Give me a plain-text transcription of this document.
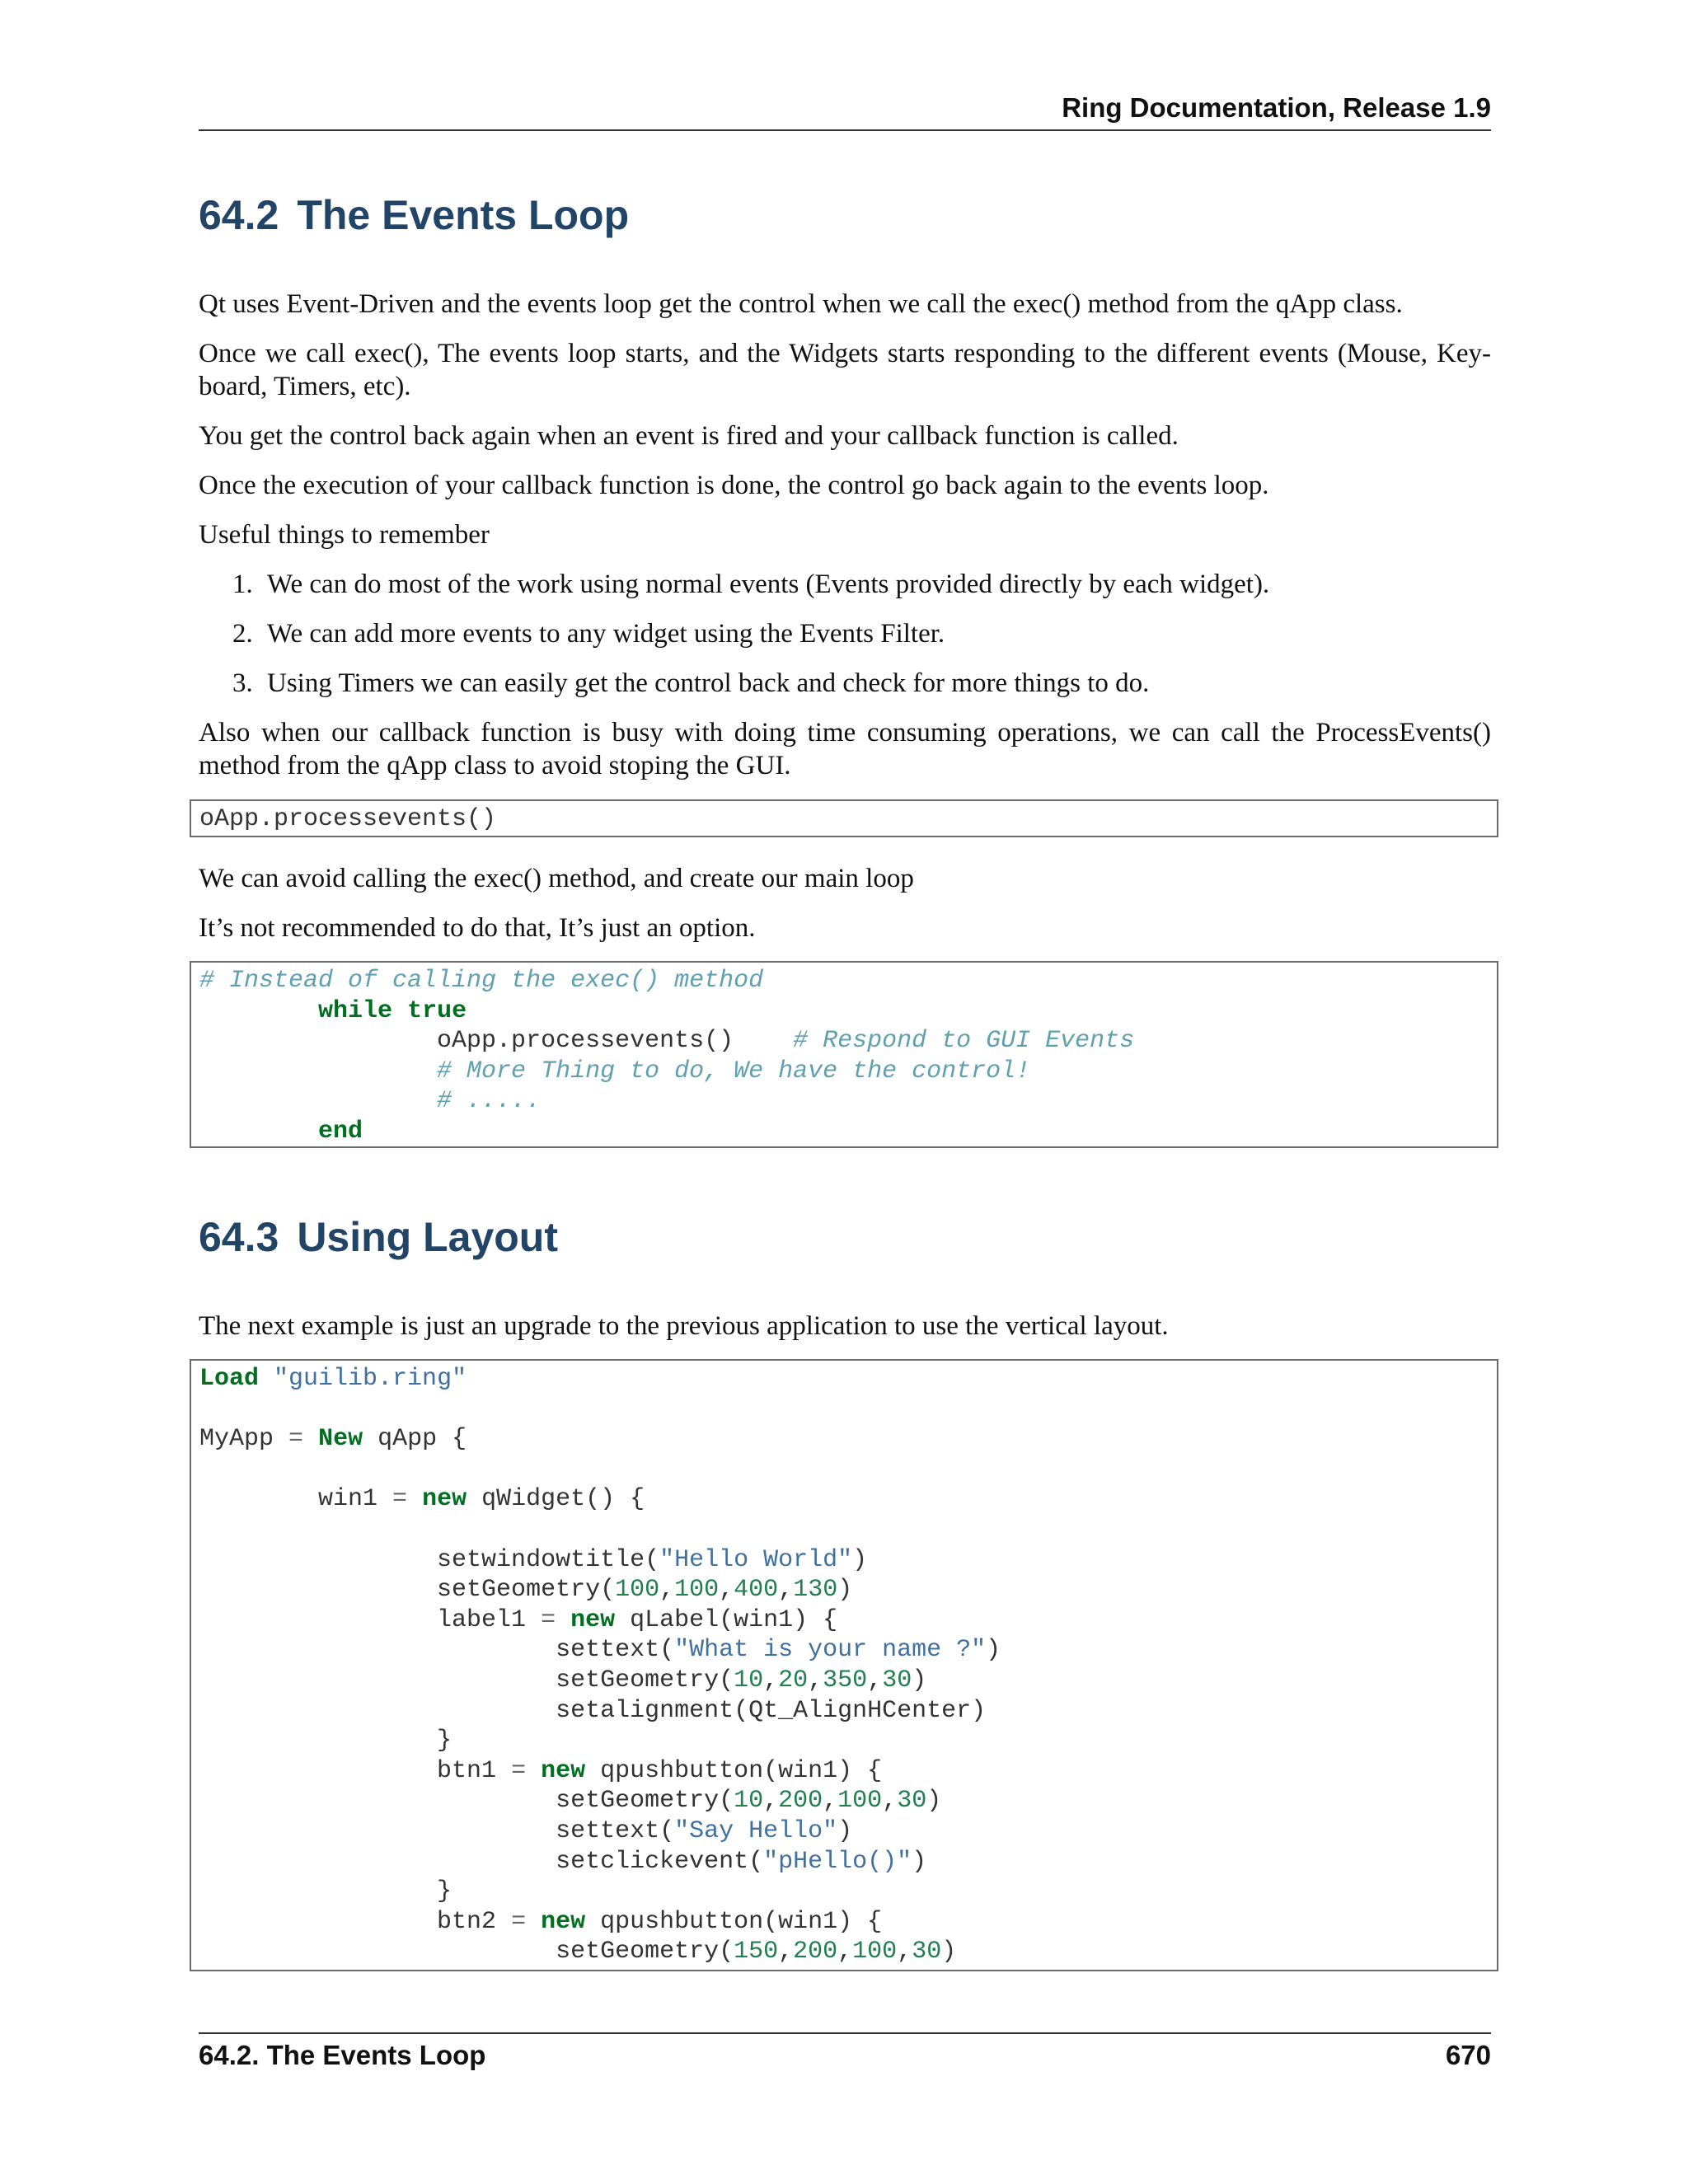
Ring Documentation, Release 1.9
64.2 The Events Loop

Qt uses Event-Driven and the events loop get the control when we call the exec() method from the qApp class.

Once we call exec(), The events loop starts, and the Widgets starts responding to the different events (Mouse, Key-board, Timers, etc).

You get the control back again when an event is fired and your callback function is called.

Once the execution of your callback function is done, the control go back again to the events loop.

Useful things to remember

1. We can do most of the work using normal events (Events provided directly by each widget).
2. We can add more events to any widget using the Events Filter.
3. Using Timers we can easily get the control back and check for more things to do.

Also when our callback function is busy with doing time consuming operations, we can call the ProcessEvents() method from the qApp class to avoid stoping the GUI.

oApp.processevents()

We can avoid calling the exec() method, and create our main loop

It’s not recommended to do that, It’s just an option.

# Instead of calling the exec() method
while true
oApp.processevents()    # Respond to GUI Events
# More Thing to do, We have the control!
# .....
end
64.3 Using Layout

The next example is just an upgrade to the previous application to use the vertical layout.

Load "guilib.ring"
MyApp = New qApp {
win1 = new qWidget() {
setwindowtitle("Hello World")
setGeometry(100,100,400,130)
label1 = new qLabel(win1) {
settext("What is your name ?")
setGeometry(10,20,350,30)
setalignment(Qt_AlignHCenter)
}
btn1 = new qpushbutton(win1) {
setGeometry(10,200,100,30)
settext("Say Hello")
setclickevent("pHello()")
}
btn2 = new qpushbutton(win1) {
setGeometry(150,200,100,30)
64.2. The Events Loop	670
